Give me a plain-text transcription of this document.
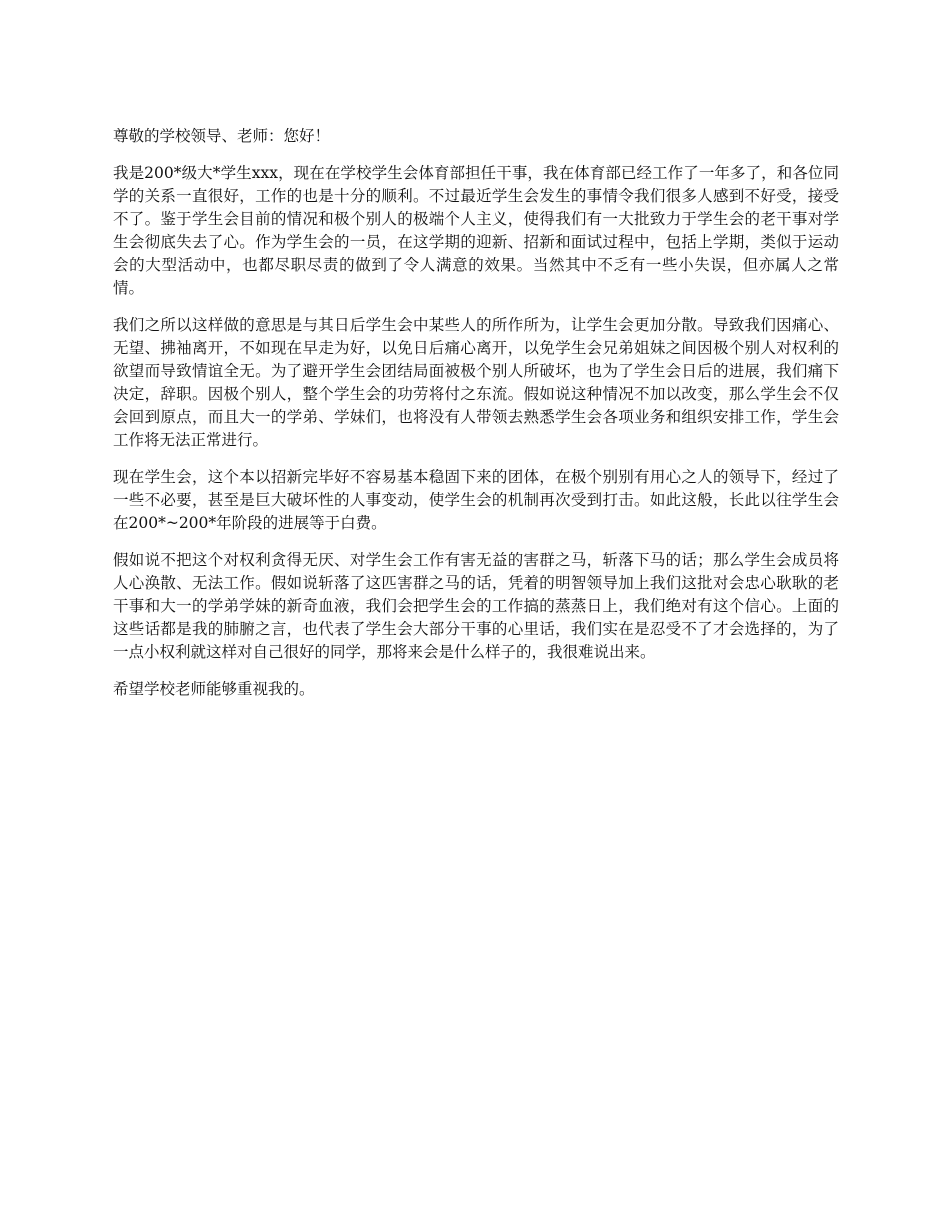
尊敬的学校领导、老师：您好！

我是200*级大*学生xxx，现在在学校学生会体育部担任干事，我在体育部已经工作了一年多了，和各位同学的关系一直很好，工作的也是十分的顺利。不过最近学生会发生的事情令我们很多人感到不好受，接受不了。鉴于学生会目前的情况和极个别人的极端个人主义，使得我们有一大批致力于学生会的老干事对学生会彻底失去了心。作为学生会的一员，在这学期的迎新、招新和面试过程中，包括上学期，类似于运动会的大型活动中，也都尽职尽责的做到了令人满意的效果。当然其中不乏有一些小失误，但亦属人之常情。

我们之所以这样做的意思是与其日后学生会中某些人的所作所为，让学生会更加分散。导致我们因痛心、无望、拂袖离开，不如现在早走为好，以免日后痛心离开，以免学生会兄弟姐妹之间因极个别人对权利的欲望而导致情谊全无。为了避开学生会团结局面被极个别人所破坏，也为了学生会日后的进展，我们痛下决定，辞职。因极个别人，整个学生会的功劳将付之东流。假如说这种情况不加以改变，那么学生会不仅会回到原点，而且大一的学弟、学妹们，也将没有人带领去熟悉学生会各项业务和组织安排工作，学生会工作将无法正常进行。

现在学生会，这个本以招新完毕好不容易基本稳固下来的团体，在极个别别有用心之人的领导下，经过了一些不必要，甚至是巨大破坏性的人事变动，使学生会的机制再次受到打击。如此这般，长此以往学生会在200*~200*年阶段的进展等于白费。

假如说不把这个对权利贪得无厌、对学生会工作有害无益的害群之马，斩落下马的话；那么学生会成员将人心涣散、无法工作。假如说斩落了这匹害群之马的话，凭着的明智领导加上我们这批对会忠心耿耿的老干事和大一的学弟学妹的新奇血液，我们会把学生会的工作搞的蒸蒸日上，我们绝对有这个信心。上面的这些话都是我的肺腑之言，也代表了学生会大部分干事的心里话，我们实在是忍受不了才会选择的，为了一点小权利就这样对自己很好的同学，那将来会是什么样子的，我很难说出来。

希望学校老师能够重视我的。
